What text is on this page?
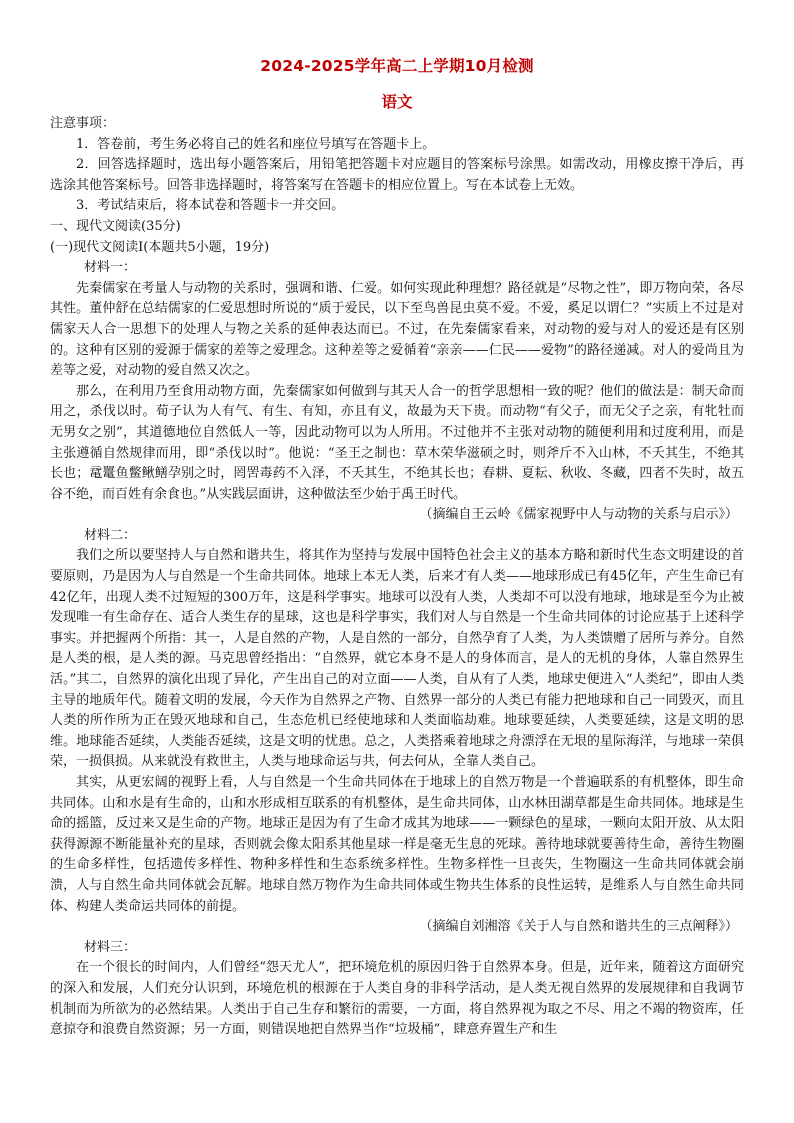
2024-2025学年高二上学期10月检测
语文

注意事项：

1．答卷前，考生务必将自己的姓名和座位号填写在答题卡上。

2．回答选择题时，选出每小题答案后，用铅笔把答题卡对应题目的答案标号涂黑。如需改动，用橡皮擦干净后，再选涂其他答案标号。回答非选择题时，将答案写在答题卡的相应位置上。写在本试卷上无效。

3．考试结束后，将本试卷和答题卡一并交回。

一、现代文阅读(35分)

(一)现代文阅读Ⅰ(本题共5小题，19分)

材料一：

先秦儒家在考量人与动物的关系时，强调和谐、仁爱。如何实现此种理想？路径就是“尽物之性”，即万物向荣，各尽其性。董仲舒在总结儒家的仁爱思想时所说的“质于爱民，以下至鸟兽昆虫莫不爱。不爱，奚足以谓仁？”实质上不过是对儒家天人合一思想下的处理人与物之关系的延伸表达而已。不过，在先秦儒家看来，对动物的爱与对人的爱还是有区别的。这种有区别的爱源于儒家的差等之爱理念。这种差等之爱循着“亲亲——仁民——爱物”的路径递减。对人的爱尚且为差等之爱，对动物的爱自然又次之。

那么，在利用乃至食用动物方面，先秦儒家如何做到与其天人合一的哲学思想相一致的呢？他们的做法是：制天命而用之，杀伐以时。荀子认为人有气、有生、有知，亦且有义，故最为天下贵。而动物“有父子，而无父子之亲，有牝牡而无男女之别”，其道德地位自然低人一等，因此动物可以为人所用。不过他并不主张对动物的随便利用和过度利用，而是主张遵循自然规律而用，即“杀伐以时”。他说：“圣王之制也：草木荣华滋硕之时，则斧斤不入山林，不夭其生，不绝其长也；鼋鼍鱼鳖鳅鳝孕别之时，罔罟毒药不入泽，不夭其生，不绝其长也；春耕、夏耘、秋收、冬藏，四者不失时，故五谷不绝，而百姓有余食也。”从实践层面讲，这种做法至少始于禹王时代。

（摘编自王云岭《儒家视野中人与动物的关系与启示》）

材料二：

我们之所以要坚持人与自然和谐共生，将其作为坚持与发展中国特色社会主义的基本方略和新时代生态文明建设的首要原则，乃是因为人与自然是一个生命共同体。地球上本无人类，后来才有人类——地球形成已有45亿年，产生生命已有42亿年，出现人类不过短短的300万年，这是科学事实。地球可以没有人类，人类却不可以没有地球，地球是至今为止被发现唯一有生命存在、适合人类生存的星球，这也是科学事实，我们对人与自然是一个生命共同体的讨论应基于上述科学事实。并把握两个所指：其一，人是自然的产物，人是自然的一部分，自然孕育了人类，为人类馈赠了居所与养分。自然是人类的根，是人类的源。马克思曾经指出：“自然界，就它本身不是人的身体而言，是人的无机的身体，人靠自然界生活。”其二，自然界的演化出现了异化，产生出自己的对立面——人类，自从有了人类，地球史便进入“人类纪”，即由人类主导的地质年代。随着文明的发展，今天作为自然界之产物、自然界一部分的人类已有能力把地球和自己一同毁灭，而且人类的所作所为正在毁灭地球和自己，生态危机已经使地球和人类面临劫难。地球要延续，人类要延续，这是文明的思维。地球能否延续，人类能否延续，这是文明的忧患。总之，人类搭乘着地球之舟漂浮在无垠的星际海洋，与地球一荣俱荣，一损俱损。从来就没有救世主，人类与地球命运与共，何去何从，全靠人类自己。

其实，从更宏阔的视野上看，人与自然是一个生命共同体在于地球上的自然万物是一个普遍联系的有机整体，即生命共同体。山和水是有生命的，山和水形成相互联系的有机整体，是生命共同体，山水林田湖草都是生命共同体。地球是生命的摇篮，反过来又是生命的产物。地球正是因为有了生命才成其为地球——一颗绿色的星球，一颗向太阳开放、从太阳获得源源不断能量补充的星球，否则就会像太阳系其他星球一样是毫无生息的死球。善待地球就要善待生命，善待生物圈的生命多样性，包括遗传多样性、物种多样性和生态系统多样性。生物多样性一旦丧失，生物圈这一生命共同体就会崩溃，人与自然生命共同体就会瓦解。地球自然万物作为生命共同体或生物共生体系的良性运转，是维系人与自然生命共同体、构建人类命运共同体的前提。

（摘编自刘湘溶《关于人与自然和谐共生的三点阐释》）

材料三：

在一个很长的时间内，人们曾经“怨天尤人”，把环境危机的原因归咎于自然界本身。但是，近年来，随着这方面研究的深入和发展，人们充分认识到，环境危机的根源在于人类自身的非科学活动，是人类无视自然界的发展规律和自我调节机制而为所欲为的必然结果。人类出于自己生存和繁衍的需要，一方面，将自然界视为取之不尽、用之不竭的物资库，任意掠夺和浪费自然资源；另一方面，则错误地把自然界当作“垃圾桶”，肆意弃置生产和生
